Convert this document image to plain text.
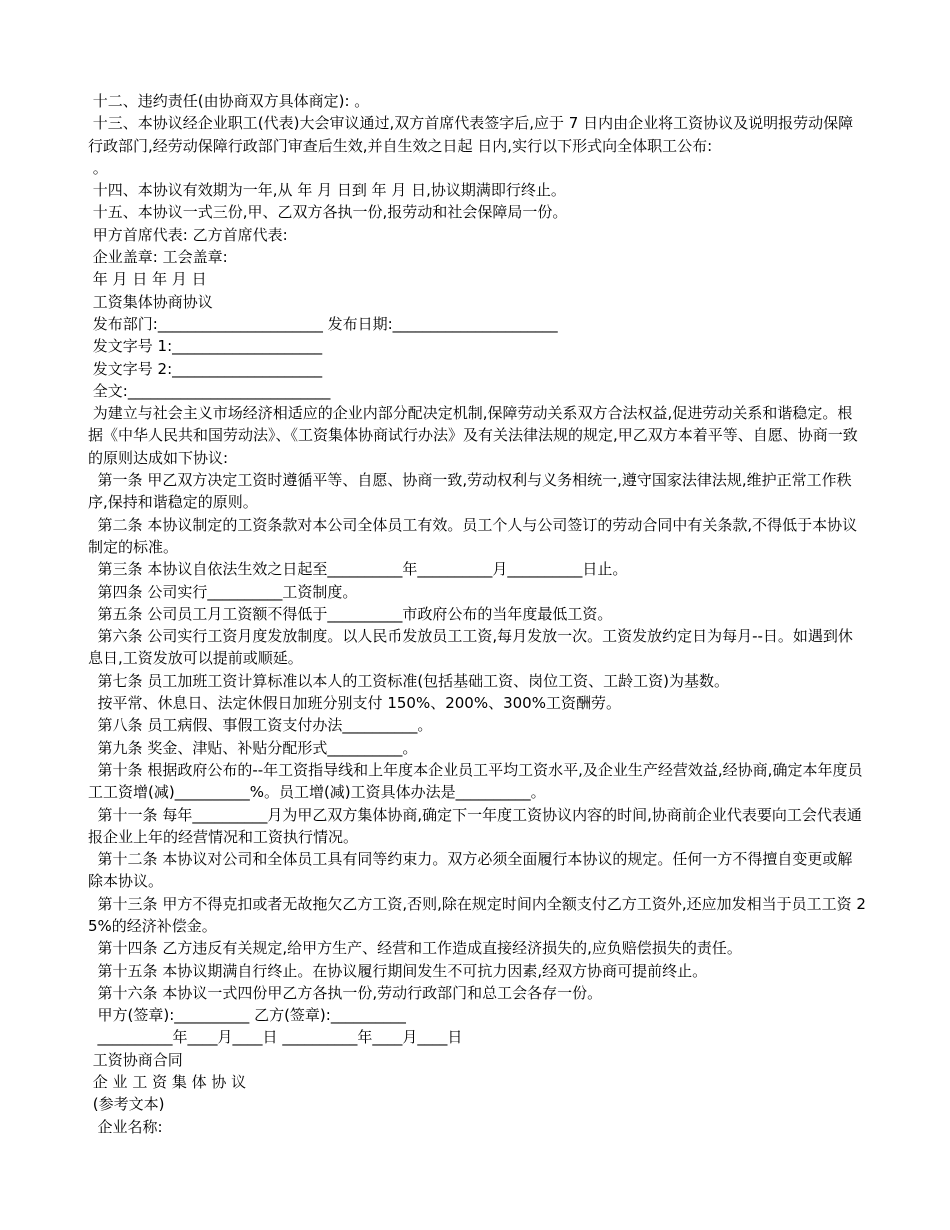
十二、违约责任(由协商双方具体商定): 。

十三、本协议经企业职工(代表)大会审议通过,双方首席代表签字后,应于 7 日内由企业将工资协议及说明报劳动保障行政部门,经劳动保障行政部门审查后生效,并自生效之日起 日内,实行以下形式向全体职工公布:

。

十四、本协议有效期为一年,从 年 月 日到 年 月 日,协议期满即行终止。

十五、本协议一式三份,甲、乙双方各执一份,报劳动和社会保障局一份。

甲方首席代表: 乙方首席代表:

企业盖章: 工会盖章:

年 月 日 年 月 日

工资集体协商协议

发布部门:______________________ 发布日期:______________________

发文字号 1:____________________

发文字号 2:____________________

全文:___________________________

为建立与社会主义市场经济相适应的企业内部分配决定机制,保障劳动关系双方合法权益,促进劳动关系和谐稳定。根据《中华人民共和国劳动法》、《工资集体协商试行办法》及有关法律法规的规定,甲乙双方本着平等、自愿、协商一致的原则达成如下协议:

第一条 甲乙双方决定工资时遵循平等、自愿、协商一致,劳动权利与义务相统一,遵守国家法律法规,维护正常工作秩序,保持和谐稳定的原则。

第二条 本协议制定的工资条款对本公司全体员工有效。员工个人与公司签订的劳动合同中有关条款,不得低于本协议制定的标准。

第三条 本协议自依法生效之日起至__________年__________月__________日止。

第四条 公司实行__________工资制度。

第五条 公司员工月工资额不得低于__________市政府公布的当年度最低工资。

第六条 公司实行工资月度发放制度。以人民币发放员工工资,每月发放一次。工资发放约定日为每月--日。如遇到休息日,工资发放可以提前或顺延。

第七条 员工加班工资计算标准以本人的工资标准(包括基础工资、岗位工资、工龄工资)为基数。

按平常、休息日、法定休假日加班分别支付 150%、200%、300%工资酬劳。

第八条 员工病假、事假工资支付办法__________。

第九条 奖金、津贴、补贴分配形式__________。

第十条 根据政府公布的--年工资指导线和上年度本企业员工平均工资水平,及企业生产经营效益,经协商,确定本年度员工工资增(减)__________%。员工增(减)工资具体办法是__________。

第十一条 每年__________月为甲乙双方集体协商,确定下一年度工资协议内容的时间,协商前企业代表要向工会代表通报企业上年的经营情况和工资执行情况。

第十二条 本协议对公司和全体员工具有同等约束力。双方必须全面履行本协议的规定。任何一方不得擅自变更或解除本协议。

第十三条 甲方不得克扣或者无故拖欠乙方工资,否则,除在规定时间内全额支付乙方工资外,还应加发相当于员工工资 25%的经济补偿金。

第十四条 乙方违反有关规定,给甲方生产、经营和工作造成直接经济损失的,应负赔偿损失的责任。

第十五条 本协议期满自行终止。在协议履行期间发生不可抗力因素,经双方协商可提前终止。

第十六条 本协议一式四份甲乙方各执一份,劳动行政部门和总工会各存一份。

甲方(签章):__________ 乙方(签章):__________

__________年____月____日 __________年____月____日

工资协商合同

企 业 工 资 集 体 协 议

(参考文本)

企业名称:
